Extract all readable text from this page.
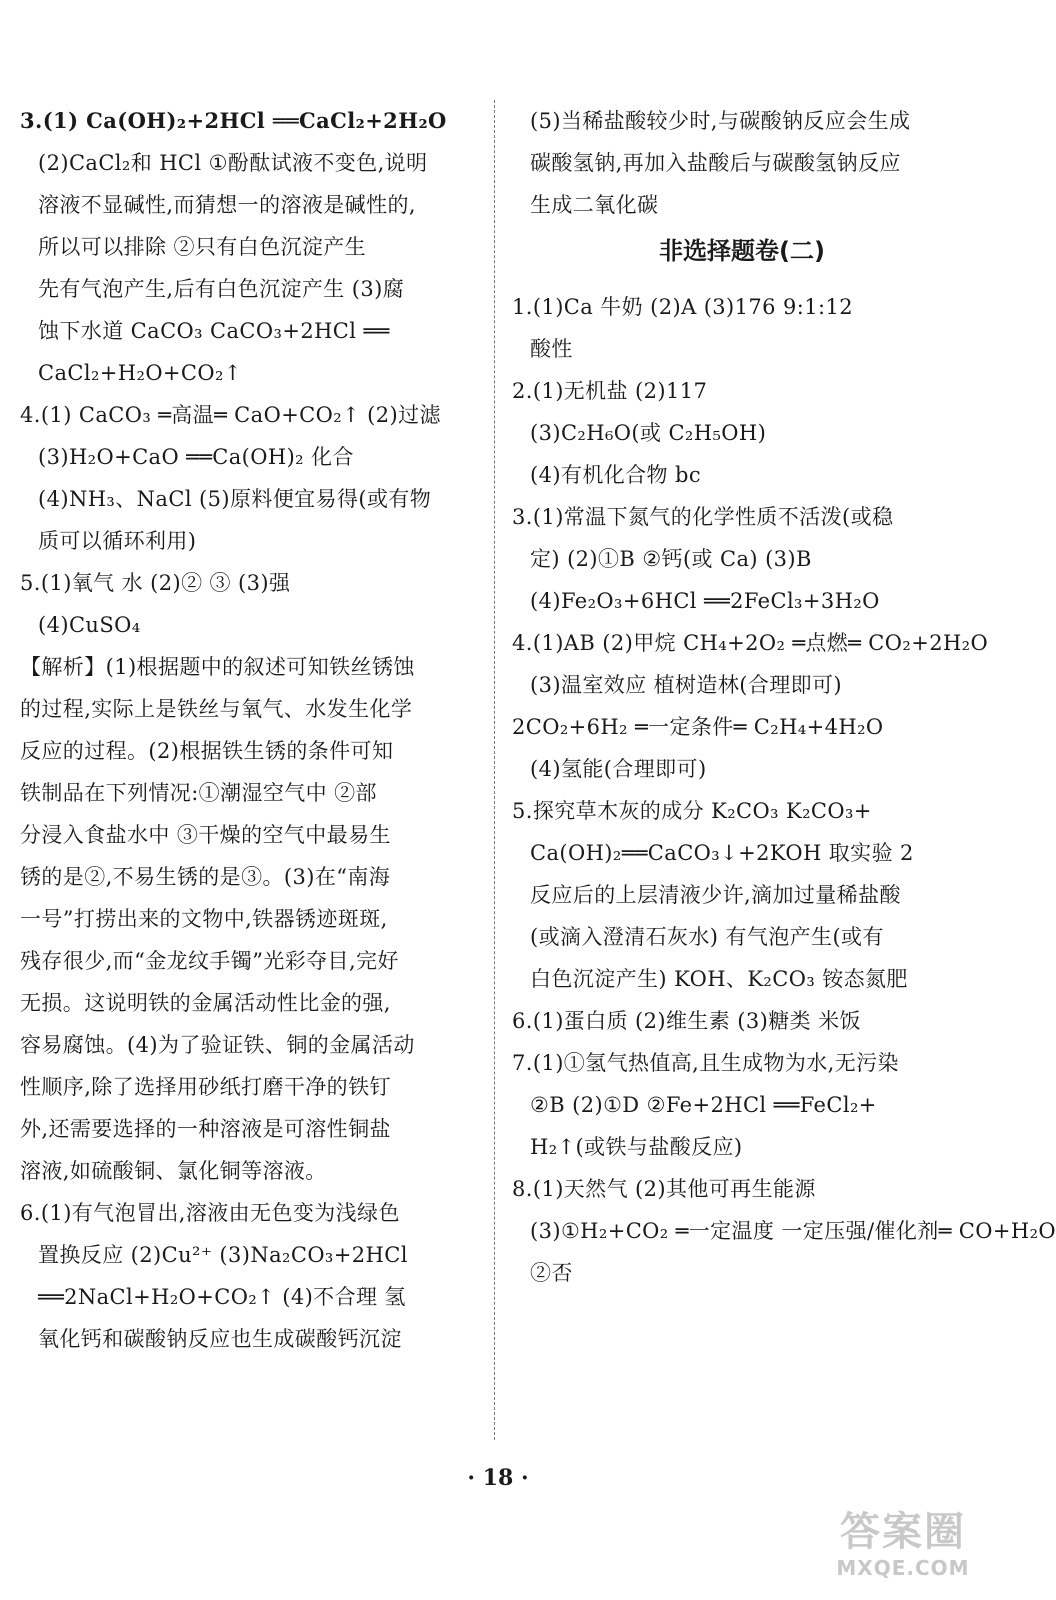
3.(1) Ca(OH)₂+2HCl ══CaCl₂+2H₂O
(2)CaCl₂和 HCl ①酚酞试液不变色,说明
溶液不显碱性,而猜想一的溶液是碱性的,
所以可以排除 ②只有白色沉淀产生
先有气泡产生,后有白色沉淀产生 (3)腐
蚀下水道 CaCO₃ CaCO₃+2HCl ══
CaCl₂+H₂O+CO₂↑
4.(1) CaCO₃ ═高温═ CaO+CO₂↑ (2)过滤
(3)H₂O+CaO ══Ca(OH)₂ 化合
(4)NH₃、NaCl (5)原料便宜易得(或有物
质可以循环利用)
5.(1)氧气 水 (2)② ③ (3)强
(4)CuSO₄
【解析】(1)根据题中的叙述可知铁丝锈蚀
的过程,实际上是铁丝与氧气、水发生化学
反应的过程。(2)根据铁生锈的条件可知
铁制品在下列情况:①潮湿空气中 ②部
分浸入食盐水中 ③干燥的空气中最易生
锈的是②,不易生锈的是③。(3)在“南海
一号”打捞出来的文物中,铁器锈迹斑斑,
残存很少,而“金龙纹手镯”光彩夺目,完好
无损。这说明铁的金属活动性比金的强,
容易腐蚀。(4)为了验证铁、铜的金属活动
性顺序,除了选择用砂纸打磨干净的铁钉
外,还需要选择的一种溶液是可溶性铜盐
溶液,如硫酸铜、氯化铜等溶液。
6.(1)有气泡冒出,溶液由无色变为浅绿色
置换反应 (2)Cu²⁺ (3)Na₂CO₃+2HCl
══2NaCl+H₂O+CO₂↑ (4)不合理 氢
氧化钙和碳酸钠反应也生成碳酸钙沉淀
(5)当稀盐酸较少时,与碳酸钠反应会生成
碳酸氢钠,再加入盐酸后与碳酸氢钠反应
生成二氧化碳
非选择题卷(二)
1.(1)Ca 牛奶 (2)A (3)176 9:1:12
酸性
2.(1)无机盐 (2)117
(3)C₂H₆O(或 C₂H₅OH)
(4)有机化合物 bc
3.(1)常温下氮气的化学性质不活泼(或稳
定) (2)①B ②钙(或 Ca) (3)B
(4)Fe₂O₃+6HCl ══2FeCl₃+3H₂O
4.(1)AB (2)甲烷 CH₄+2O₂ ═点燃═ CO₂+2H₂O
(3)温室效应 植树造林(合理即可)
2CO₂+6H₂ ═一定条件═ C₂H₄+4H₂O
(4)氢能(合理即可)
5.探究草木灰的成分 K₂CO₃ K₂CO₃+
Ca(OH)₂══CaCO₃↓+2KOH 取实验 2
反应后的上层清液少许,滴加过量稀盐酸
(或滴入澄清石灰水) 有气泡产生(或有
白色沉淀产生) KOH、K₂CO₃ 铵态氮肥
6.(1)蛋白质 (2)维生素 (3)糖类 米饭
7.(1)①氢气热值高,且生成物为水,无污染
②B (2)①D ②Fe+2HCl ══FeCl₂+
H₂↑(或铁与盐酸反应)
8.(1)天然气 (2)其他可再生能源
(3)①H₂+CO₂ ═一定温度 一定压强/催化剂═ CO+H₂O
②否
· 18 ·
答案圈
MXQE.COM
